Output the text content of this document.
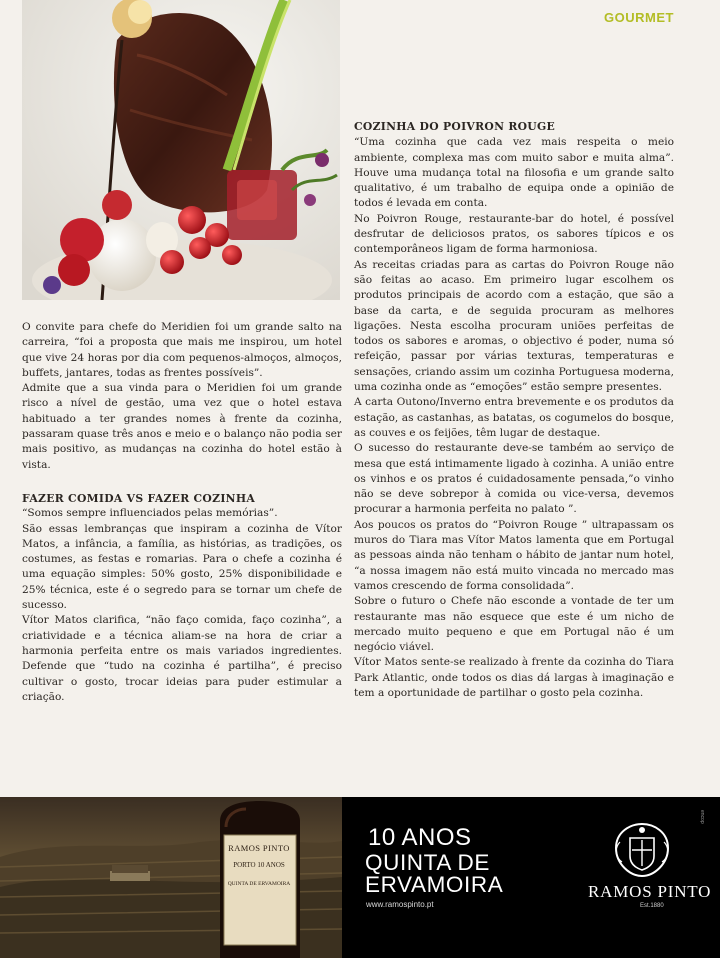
GOURMET

O convite para chefe do Meridien foi um grande salto na carreira, “foi a proposta que mais me inspirou, um hotel que vive 24 horas por dia com pequenos-almoços, almoços, buffets, jantares, todas as frentes possíveis”.

Admite que a sua vinda para o Meridien foi um grande risco a nível de gestão, uma vez que o hotel estava habituado a ter grandes nomes à frente da cozinha, passaram quase três anos e meio e o balanço não podia ser mais positivo, as mudanças na cozinha do hotel estão à vista.

FAZER COMIDA VS FAZER COZINHA

“Somos sempre influenciados pelas memórias”.

São essas lembranças que inspiram a cozinha de Vítor Matos, a infância, a família, as histórias, as tradições, os costumes, as festas e romarias. Para o chefe a cozinha é uma equação simples: 50% gosto, 25% disponibilidade e 25% técnica, este é o segredo para se tornar um chefe de sucesso.

Vítor Matos clarifica, “não faço comida, faço cozinha”, a criatividade e a técnica aliam-se na hora de criar a harmonia perfeita entre os mais variados ingredientes. Defende que “tudo na cozinha é partilha”, é preciso cultivar o gosto, trocar ideias para puder estimular a criação.

COZINHA DO POIVRON ROUGE

“Uma cozinha que cada vez mais respeita o meio ambiente, complexa mas com muito sabor e muita alma”. Houve uma mudança total na filosofia e um grande salto qualitativo, é um trabalho de equipa onde a opinião de todos é levada em conta.

No Poivron Rouge, restaurante-bar do hotel, é possível desfrutar de deliciosos pratos, os sabores típicos e os contemporâneos ligam de forma harmoniosa.

As receitas criadas para as cartas do Poivron Rouge não são feitas ao acaso. Em primeiro lugar escolhem os produtos principais de acordo com a estação, que são a base da carta, e de seguida procuram as melhores ligações. Nesta escolha procuram uniões perfeitas de todos os sabores e aromas, o objectivo é poder, numa só refeição, passar por várias texturas, temperaturas e sensações, criando assim um cozinha Portuguesa moderna, uma cozinha onde as “emoções” estão sempre presentes.

A carta Outono/Inverno entra brevemente e os produtos da estação, as castanhas, as batatas, os cogumelos do bosque, as couves e os feijões, têm lugar de destaque.

O sucesso do restaurante deve-se também ao serviço de mesa que está intimamente ligado à cozinha. A união entre os vinhos e os pratos é cuidadosamente pensada,”o vinho não se deve sobrepor à comida ou vice-versa, devemos procurar a harmonia perfeita no palato ”.

Aos poucos os pratos do “Poivron Rouge ” ultrapassam os muros do Tiara mas Vítor Matos lamenta que em Portugal as pessoas ainda não tenham o hábito de jantar num hotel, “a nossa imagem não está muito vincada no mercado mas vamos crescendo de forma consolidada”.

Sobre o futuro o Chefe não esconde a vontade de ter um restaurante mas não esquece que este é um nicho de mercado muito pequeno e que em Portugal não é um negócio viável.

Vítor Matos sente-se realizado à frente da cozinha do Tiara Park Atlantic, onde todos os dias dá largas à imaginação e tem a oportunidade de partilhar o gosto pela cozinha.

RAMOS PINTO
PORTO 10 ANOS
QUINTA DE ERVAMOIRA
10 ANOS
QUINTA DE
ERVAMOIRA
www.ramospinto.pt
RAMOS PINTO
Est.1880
encop
